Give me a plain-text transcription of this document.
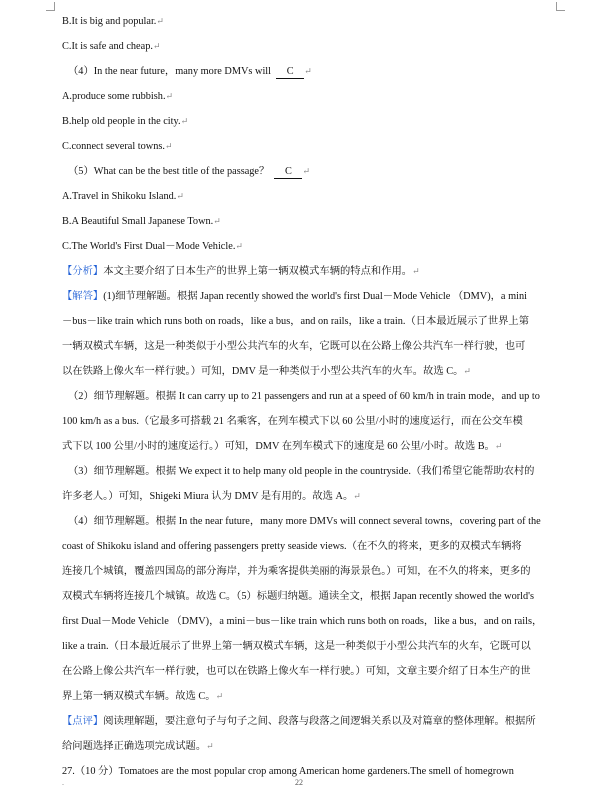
B.It is big and popular.↵
C.It is safe and cheap.↵
（4）In the near future，many more DMVs will C ↵
A.produce some rubbish.↵
B.help old people in the city.↵
C.connect several towns.↵
（5）What can be the best title of the passage？ C ↵
A.Travel in Shikoku Island.↵
B.A Beautiful Small Japanese Town.↵
C.The World's First Dual－Mode Vehicle.↵
【分析】本文主要介绍了日本生产的世界上第一辆双模式车辆的特点和作用。↵
【解答】(1)细节理解题。根据 Japan recently showed the world's first Dual－Mode Vehicle （DMV)，a mini
－bus－like train which runs both on roads，like a bus，and on rails，like a train.（日本最近展示了世界上第
一辆双模式车辆，这是一种类似于小型公共汽车的火车，它既可以在公路上像公共汽车一样行驶，也可
以在铁路上像火车一样行驶。）可知，DMV 是一种类似于小型公共汽车的火车。故选 C。↵
（2）细节理解题。根据 It can carry up to 21 passengers and run at a speed of 60 km/h in train mode，and up to
100 km/h as a bus.（它最多可搭载 21 名乘客，在列车模式下以 60 公里/小时的速度运行，而在公交车模
式下以 100 公里/小时的速度运行。）可知，DMV 在列车模式下的速度是 60 公里/小时。故选 B。↵
（3）细节理解题。根据 We expect it to help many old people in the countryside.（我们希望它能帮助农村的
许多老人。）可知，Shigeki Miura 认为 DMV 是有用的。故选 A。↵
（4）细节理解题。根据 In the near future，many more DMVs will connect several towns，covering part of the
coast of Shikoku island and offering passengers pretty seaside views.（在不久的将来，更多的双模式车辆将
连接几个城镇，覆盖四国岛的部分海岸，并为乘客提供美丽的海景景色。）可知，在不久的将来，更多的
双模式车辆将连接几个城镇。故选 C。（5）标题归纳题。通读全文，根据 Japan recently showed the world's
first Dual－Mode Vehicle （DMV)，a mini－bus－like train which runs both on roads，like a bus，and on rails，
like a train.（日本最近展示了世界上第一辆双模式车辆，这是一种类似于小型公共汽车的火车，它既可以
在公路上像公共汽车一样行驶，也可以在铁路上像火车一样行驶。）可知，文章主要介绍了日本生产的世
界上第一辆双模式车辆。故选 C。↵
【点评】阅读理解题，要注意句子与句子之间、段落与段落之间逻辑关系以及对篇章的整体理解。根据所
给问题选择正确选项完成试题。↵
27.（10 分）Tomatoes are the most popular crop among American home gardeners.The smell of homegrown
.	22
